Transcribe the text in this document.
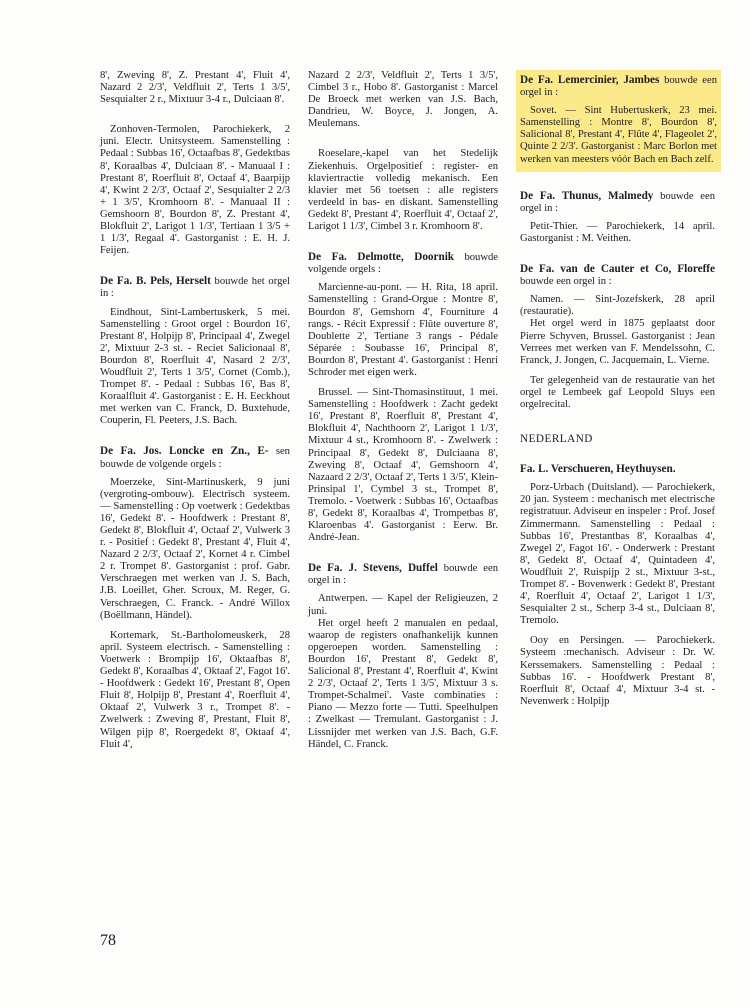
8', Zweving 8', Z. Prestant 4', Fluit 4', Nazard 2 2/3', Veldfluit 2', Terts 1 3/5', Sesquialter 2 r., Mixtuur 3-4 r., Dulciaan 8'.

Zonhoven-Termolen, Parochiekerk, 2 juni. Electr. Unitsysteem. Samenstelling : Pedaal : Subbas 16', Octaafbas 8', Gedektbas 8', Koraalbas 4', Dulciaan 8'. - Manuaal I : Prestant 8', Roerfluit 8', Octaaf 4', Baarpijp 4', Kwint 2 2/3', Octaaf 2', Sesquialter 2 2/3 + 1 3/5', Kromhoorn 8'. - Manuaal II : Gemshoorn 8', Bourdon 8', Z. Prestant 4', Blokfluit 2', Larigot 1 1/3', Tertiaan 1 3/5 + 1 1/3', Regaal 4'. Gastorganist : E. H. J. Feijen.

De Fa. B. Pels, Herselt bouwde het orgel in :

Eindhout, Sint-Lambertuskerk, 5 mei. Samenstelling : Groot orgel : Bourdon 16', Prestant 8', Holpijp 8', Principaal 4', Zwegel 2', Mixtuur 2-3 st. - Reciet Salicionaal 8', Bourdon 8', Roerfluit 4', Nasard 2 2/3', Woudfluit 2', Terts 1 3/5', Cornet (Comb.), Trompet 8'. - Pedaal : Subbas 16', Bas 8', Koraalfluit 4'. Gastorganist : E. H. Eeckhout met werken van C. Franck, D. Buxtehude, Couperin, Fl. Peeters, J.S. Bach.

De Fa. Jos. Loncke en Zn., E- sen bouwde de volgende orgels :

Moerzeke, Sint-Martinuskerk, 9 juni (vergroting-ombouw). Electrisch systeem. — Samenstelling : Op voetwerk : Gedektbas 16', Gedekt 8'. - Hoofdwerk : Prestant 8', Gedekt 8', Blokfluit 4', Octaaf 2', Vulwerk 3 r. - Positief : Gedekt 8', Prestant 4', Fluit 4', Nazard 2 2/3', Octaaf 2', Kornet 4 r. Cimbel 2 r. Trompet 8'. Gastorganist : prof. Gabr. Verschraegen met werken van J. S. Bach, J.B. Loeillet, Gher. Scroux, M. Reger, G. Verschraegen, C. Franck. - André Willox (Boëllmann, Händel).

Kortemark, St.-Bartholomeuskerk, 28 april. Systeem electrisch. - Samenstelling : Voetwerk : Brompijp 16', Oktaafbas 8', Gedekt 8', Koraalbas 4', Oktaaf 2', Fagot 16'. - Hoofdwerk : Gedekt 16', Prestant 8', Open Fluit 8', Holpijp 8', Prestant 4', Roerfluit 4', Oktaaf 2', Vulwerk 3 r., Trompet 8'. - Zwelwerk : Zweving 8', Prestant, Fluit 8', Wilgen pijp 8', Roergedekt 8', Oktaaf 4', Fluit 4',

Nazard 2 2/3', Veldfluit 2', Terts 1 3/5', Cimbel 3 r., Hobo 8'. Gastorganist : Marcel De Broeck met werken van J.S. Bach, Dandrieu, W. Boyce, J. Jongen, A. Meulemans.

Roeselare,-kapel van het Stedelijk Ziekenhuis. Orgelpositief : register- en klaviertractie volledig mekanisch. Een klavier met 56 toetsen : alle registers verdeeld in bas- en diskant. Samenstelling Gedekt 8', Prestant 4', Roerfluit 4', Octaaf 2', Larigot 1 1/3', Cimbel 3 r. Kromhoorn 8'.

De Fa. Delmotte, Doornik bouwde volgende orgels :

Marcienne-au-pont. — H. Rita, 18 april. Samenstelling : Grand-Orgue : Montre 8', Bourdon 8', Gemshorn 4', Fourniture 4 rangs. - Récit Expressif : Flûte ouverture 8', Doublette 2', Tertiane 3 rangs - Pédale Séparée : Soubasse 16', Principal 8', Bourdon 8', Prestant 4'. Gastorganist : Henri Schroder met eigen werk.

Brussel. — Sint-Thomasinstituut, 1 mei. Samenstelling : Hoofdwerk : Zacht gedekt 16', Prestant 8', Roerfluit 8', Prestant 4', Blokfluit 4', Nachthoorn 2', Larigot 1 1/3', Mixtuur 4 st., Kromhoorn 8'. - Zwelwerk : Principaal 8', Gedekt 8', Dulciaana 8', Zweving 8', Octaaf 4', Gemshoorn 4', Nazaard 2 2/3', Octaaf 2', Terts 1 3/5', Klein-Prinsipal 1', Cymbel 3 st., Trompet 8', Tremolo. - Voetwerk : Subbas 16', Octaafbas 8', Gedekt 8', Koraalbas 4', Trompetbas 8', Klaroenbas 4'. Gastorganist : Eerw. Br. André-Jean.

De Fa. J. Stevens, Duffel bouwde een orgel in :

Antwerpen. — Kapel der Religieuzen, 2 juni.

Het orgel heeft 2 manualen en pedaal, waarop de registers onafhankelijk kunnen opgeroepen worden. Samenstelling : Bourdon 16', Prestant 8', Gedekt 8', Salicional 8', Prestant 4', Roerfluit 4', Kwint 2 2/3', Octaaf 2', Terts 1 3/5', Mixtuur 3 s. Trompet-Schalmei'. Vaste combinaties : Piano — Mezzo forte — Tutti. Speelhulpen : Zwelkast — Tremulant. Gastorganist : J. Lissnijder met werken van J.S. Bach, G.F. Händel, C. Franck.

De Fa. Lemercinier, Jambes bouwde een orgel in :

Sovet. — Sint Hubertuskerk, 23 mei. Samenstelling : Montre 8', Bourdon 8', Salicional 8', Prestant 4', Flûte 4', Flageolet 2', Quinte 2 2/3'. Gastorganist : Marc Borlon met werken van meesters vóór Bach en Bach zelf.

De Fa. Thunus, Malmedy bouwde een orgel in :

Petit-Thier. — Parochiekerk, 14 april. Gastorganist : M. Veithen.

De Fa. van de Cauter et Co, Floreffe bouwde een orgel in :

Namen. — Sint-Jozefskerk, 28 april (restauratie).

Het orgel werd in 1875 geplaatst door Pierre Schyven, Brussel. Gastorganist : Jean Verrees met werken van F. Mendelssohn, C. Franck, J. Jongen, C. Jacquemain, L. Vierne.

Ter gelegenheid van de restauratie van het orgel te Lembeek gaf Leopold Sluys een orgelrecital.

NEDERLAND

Fa. L. Verschueren, Heythuysen.

Porz-Urbach (Duitsland). — Parochiekerk, 20 jan. Systeem : mechanisch met electrische registratuur. Adviseur en inspeler : Prof. Josef Zimmermann. Samenstelling : Pedaal : Subbas 16', Prestantbas 8', Koraalbas 4', Zwegel 2', Fagot 16'. - Onderwerk : Prestant 8', Gedekt 8', Octaaf 4', Quintadeen 4', Woudfluit 2', Ruispijp 2 st., Mixtuur 3-st., Trompet 8'. - Bovenwerk : Gedekt 8', Prestant 4', Roerfluit 4', Octaaf 2', Larigot 1 1/3', Sesquialter 2 st., Scherp 3-4 st., Dulciaan 8', Tremolo.

Ooy en Persingen. — Parochiekerk. Systeem :mechanisch. Adviseur : Dr. W. Kerssemakers. Samenstelling : Pedaal : Subbas 16'. - Hoofdwerk Prestant 8', Roerfluit 8', Octaaf 4', Mixtuur 3-4 st. - Nevenwerk : Holpijp

78
